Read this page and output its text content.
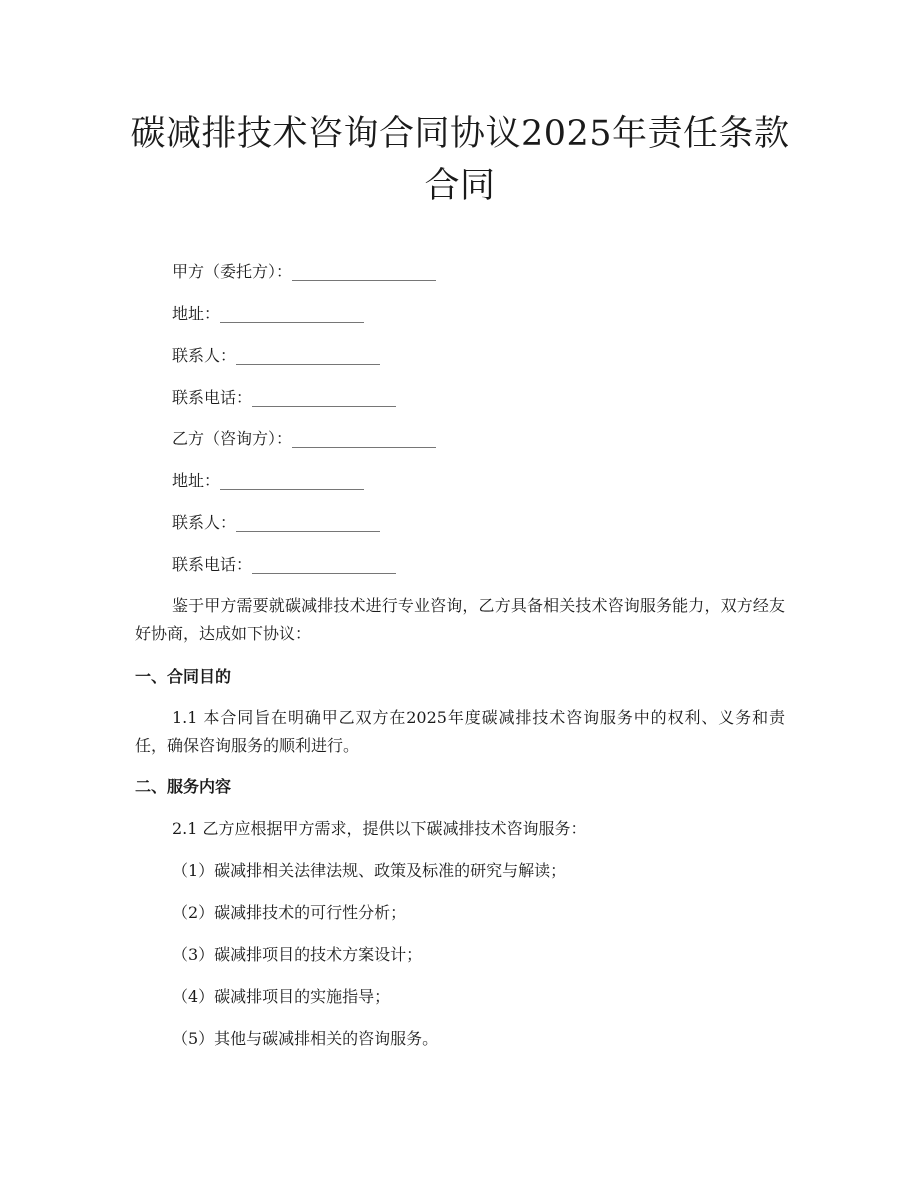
碳减排技术咨询合同协议2025年责任条款合同
甲方（委托方）：__________________
地址：__________________
联系人：__________________
联系电话：__________________
乙方（咨询方）：__________________
地址：__________________
联系人：__________________
联系电话：__________________
鉴于甲方需要就碳减排技术进行专业咨询，乙方具备相关技术咨询服务能力，双方经友好协商，达成如下协议：
一、合同目的
1.1 本合同旨在明确甲乙双方在2025年度碳减排技术咨询服务中的权利、义务和责任，确保咨询服务的顺利进行。
二、服务内容
2.1 乙方应根据甲方需求，提供以下碳减排技术咨询服务：
（1）碳减排相关法律法规、政策及标准的研究与解读；
（2）碳减排技术的可行性分析；
（3）碳减排项目的技术方案设计；
（4）碳减排项目的实施指导；
（5）其他与碳减排相关的咨询服务。
